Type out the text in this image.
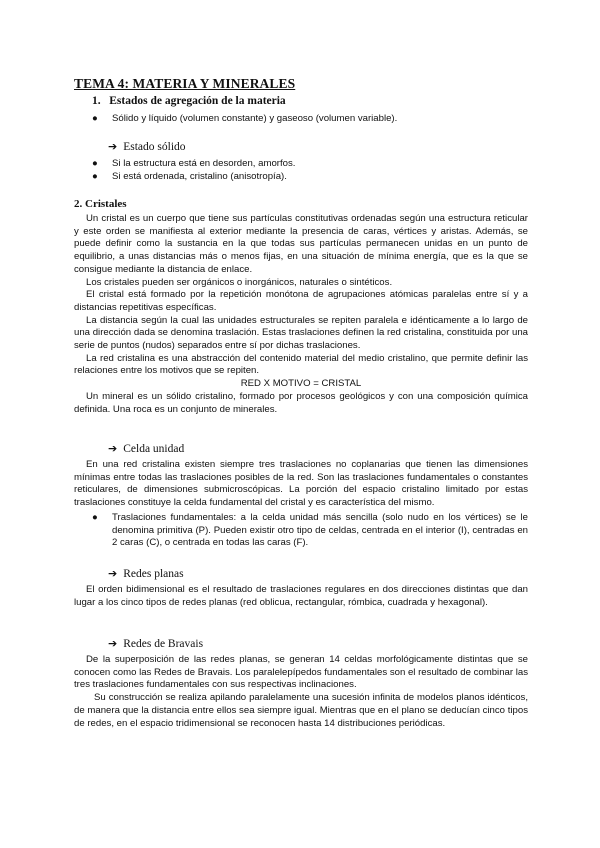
TEMA 4: MATERIA Y MINERALES
1.   Estados de agregación de la materia
●	Sólido y líquido (volumen constante) y gaseoso (volumen variable).
➔ Estado sólido
●	Si la estructura está en desorden, amorfos.
●	Si está ordenada, cristalino (anisotropía).
2. Cristales

Un cristal es un cuerpo que tiene sus partículas constitutivas ordenadas según una estructura reticular y este orden se manifiesta al exterior mediante la presencia de caras, vértices y aristas. Además, se puede definir como la sustancia en la que todas sus partículas permanecen unidas en un punto de equilibrio, a unas distancias más o menos fijas, en una situación de mínima energía, que es la que se consigue mediante la distancia de enlace.

Los cristales pueden ser orgánicos o inorgánicos, naturales o sintéticos.

El cristal está formado por la repetición monótona de agrupaciones atómicas paralelas entre sí y a distancias repetitivas específicas.

La distancia según la cual las unidades estructurales se repiten paralela e idénticamente a lo largo de una dirección dada se denomina traslación. Estas traslaciones definen la red cristalina, constituida por una serie de puntos (nudos) separados entre sí por dichas traslaciones.

La red cristalina es una abstracción del contenido material del medio cristalino, que permite definir las relaciones entre los motivos que se repiten.

RED X MOTIVO = CRISTAL

Un mineral es un sólido cristalino, formado por procesos geológicos y con una composición química definida. Una roca es un conjunto de minerales.

➔ Celda unidad

En una red cristalina existen siempre tres traslaciones no coplanarias que tienen las dimensiones mínimas entre todas las traslaciones posibles de la red. Son las traslaciones fundamentales o constantes reticulares, de dimensiones submicroscópicas. La porción del espacio cristalino limitado por estas traslaciones constituye la celda fundamental del cristal y es característica del mismo.

●	Traslaciones fundamentales: a la celda unidad más sencilla (solo nudo en los vértices) se le denomina primitiva (P). Pueden existir otro tipo de celdas, centrada en el interior (I), centradas en 2 caras (C), o centrada en todas las caras (F).
➔ Redes planas

El orden bidimensional es el resultado de traslaciones regulares en dos direcciones distintas que dan lugar a los cinco tipos de redes planas (red oblicua, rectangular, rómbica, cuadrada y hexagonal).

➔ Redes de Bravais

De la superposición de las redes planas, se generan 14 celdas morfológicamente distintas que se conocen como las Redes de Bravais. Los paralelepípedos fundamentales son el resultado de combinar las tres traslaciones fundamentales con sus respectivas inclinaciones.

Su construcción se realiza apilando paralelamente una sucesión infinita de modelos planos idénticos, de manera que la distancia entre ellos sea siempre igual. Mientras que en el plano se deducían cinco tipos de redes, en el espacio tridimensional se reconocen hasta 14 distribuciones periódicas.
